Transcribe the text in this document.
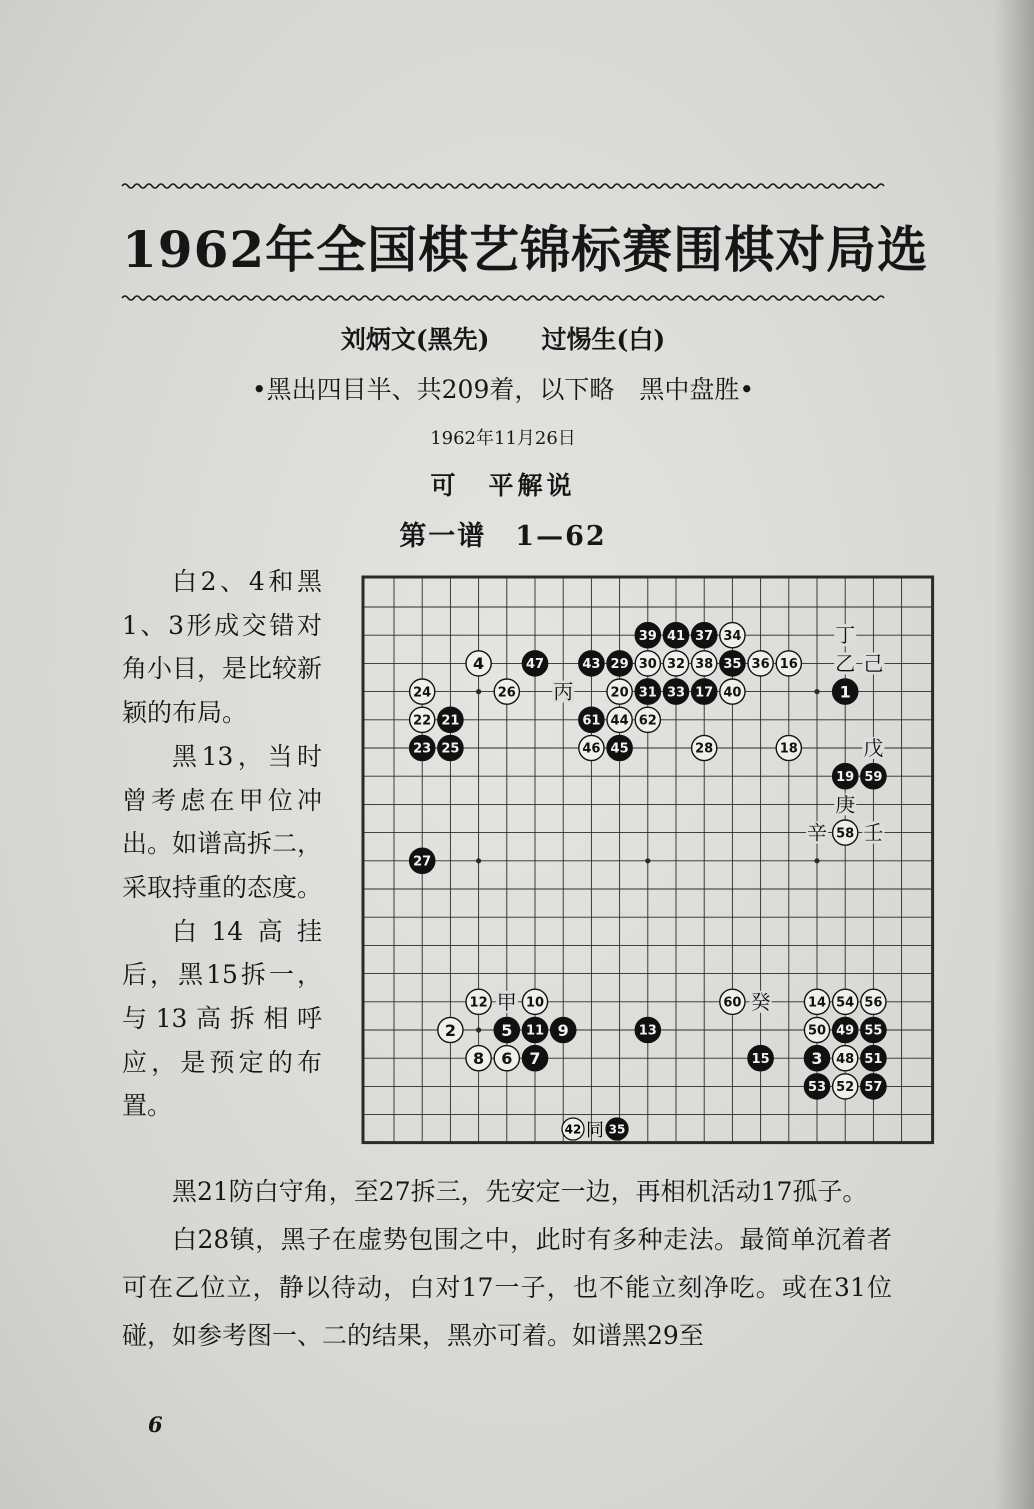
1962年全国棋艺锦标赛围棋对局选
刘炳文(黑先) 过惕生(白)
•黑出四目半、共209着，以下略　黑中盘胜•
1962年11月26日
可　平解说
第一谱　1—62

白2、4和黑1、3形成交错对角小目，是比较新颖的布局。

黑13，当时曾考虑在甲位冲出。如谱高拆二，采取持重的态度。

白14高挂后，黑15拆一，与13高拆相呼应，是预定的布置。

1
3
5
7
9
11	13
15
17
19
21
23 25
27
29
31 33
35
37
39 41
43
45
47
49
51
53
55
57
59
61
2
4
6
8
10
12	14
16
18
20
22
24	26
28
30 32
34
36
38
40
44
46
48
50
52
54 56
58
60
62
丁
乙 己
丙
戊
庚
辛 壬
甲	癸
42 同 35

黑21防白守角，至27拆三，先安定一边，再相机活动17孤子。

白28镇，黑子在虚势包围之中，此时有多种走法。最简单沉着者可在乙位立，静以待动，白对17一子，也不能立刻净吃。或在31位碰，如参考图一、二的结果，黑亦可着。如谱黑29至

6
